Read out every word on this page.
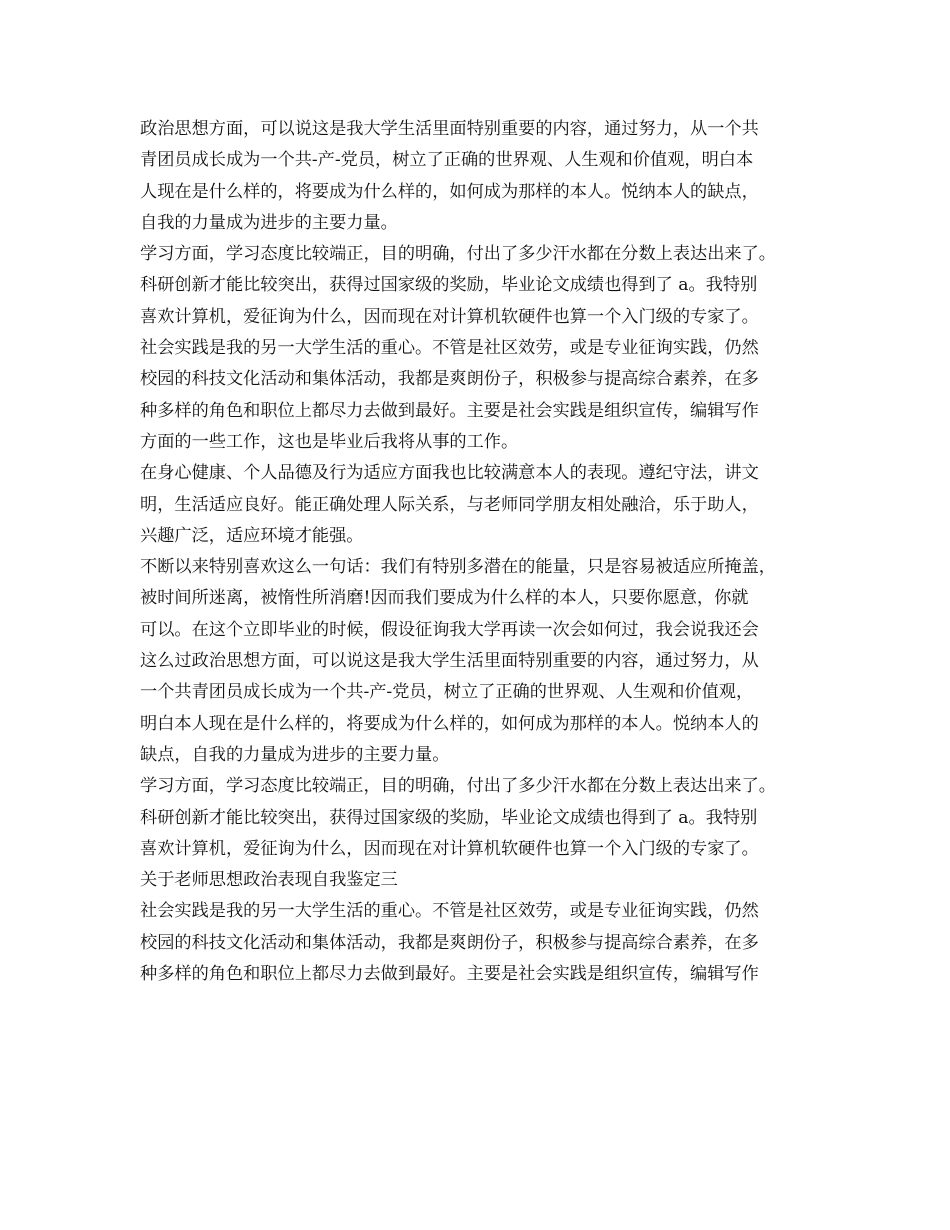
政治思想方面，可以说这是我大学生活里面特别重要的内容，通过努力，从一个共
青团员成长成为一个共-产-党员，树立了正确的世界观、人生观和价值观，明白本
人现在是什么样的，将要成为什么样的，如何成为那样的本人。悦纳本人的缺点，
自我的力量成为进步的主要力量。
学习方面，学习态度比较端正，目的明确，付出了多少汗水都在分数上表达出来了。
科研创新才能比较突出，获得过国家级的奖励，毕业论文成绩也得到了 a。我特别
喜欢计算机，爱征询为什么，因而现在对计算机软硬件也算一个入门级的专家了。
社会实践是我的另一大学生活的重心。不管是社区效劳，或是专业征询实践，仍然
校园的科技文化活动和集体活动，我都是爽朗份子，积极参与提高综合素养，在多
种多样的角色和职位上都尽力去做到最好。主要是社会实践是组织宣传，编辑写作
方面的一些工作，这也是毕业后我将从事的工作。
在身心健康、个人品德及行为适应方面我也比较满意本人的表现。遵纪守法，讲文
明，生活适应良好。能正确处理人际关系，与老师同学朋友相处融洽，乐于助人，
兴趣广泛，适应环境才能强。
不断以来特别喜欢这么一句话：我们有特别多潜在的能量，只是容易被适应所掩盖，
被时间所迷离，被惰性所消磨!因而我们要成为什么样的本人，只要你愿意，你就
可以。在这个立即毕业的时候，假设征询我大学再读一次会如何过，我会说我还会
这么过政治思想方面，可以说这是我大学生活里面特别重要的内容，通过努力，从
一个共青团员成长成为一个共-产-党员，树立了正确的世界观、人生观和价值观，
明白本人现在是什么样的，将要成为什么样的，如何成为那样的本人。悦纳本人的
缺点，自我的力量成为进步的主要力量。
学习方面，学习态度比较端正，目的明确，付出了多少汗水都在分数上表达出来了。
科研创新才能比较突出，获得过国家级的奖励，毕业论文成绩也得到了 a。我特别
喜欢计算机，爱征询为什么，因而现在对计算机软硬件也算一个入门级的专家了。
关于老师思想政治表现自我鉴定三
社会实践是我的另一大学生活的重心。不管是社区效劳，或是专业征询实践，仍然
校园的科技文化活动和集体活动，我都是爽朗份子，积极参与提高综合素养，在多
种多样的角色和职位上都尽力去做到最好。主要是社会实践是组织宣传，编辑写作
